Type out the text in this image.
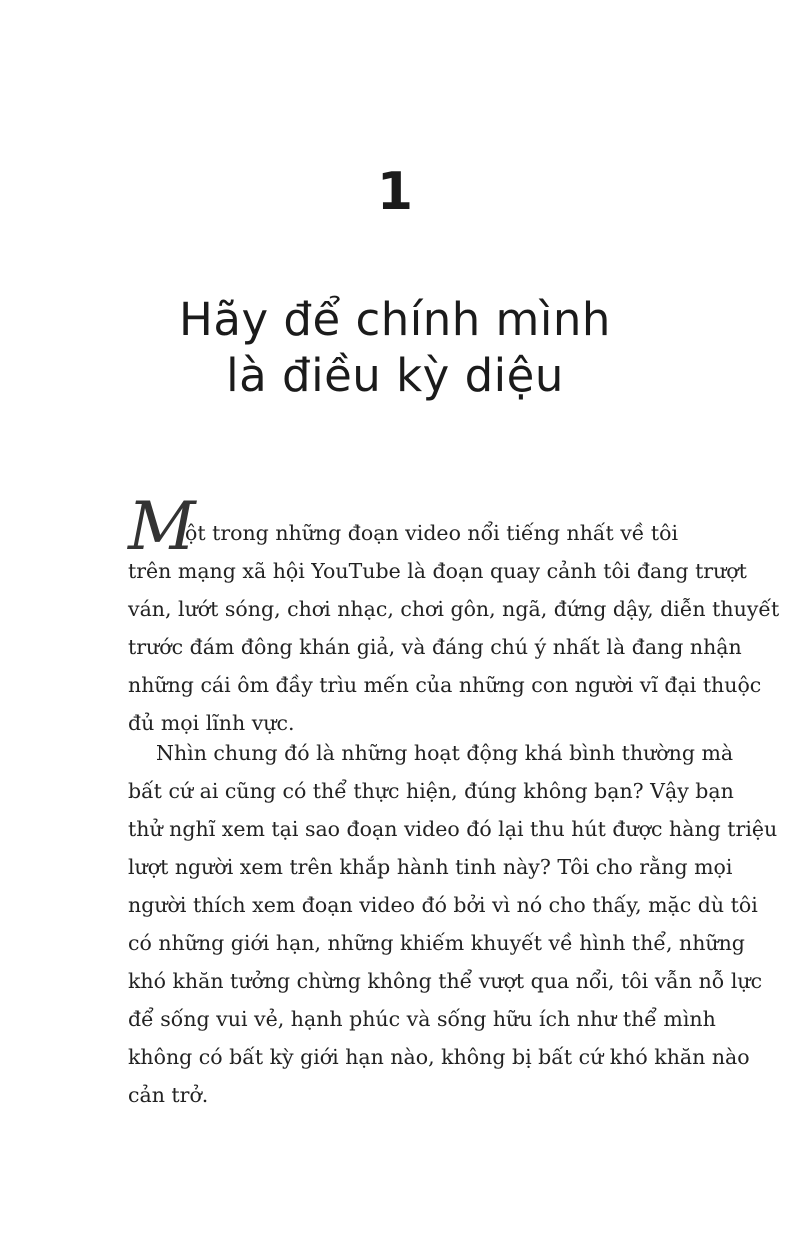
1
Hãy để chính mình
là điều kỳ diệu
M
ột trong những đoạn video nổi tiếng nhất về tôi
trên mạng xã hội YouTube là đoạn quay cảnh tôi đang trượt
ván, lướt sóng, chơi nhạc, chơi gôn, ngã, đứng dậy, diễn thuyết
trước đám đông khán giả, và đáng chú ý nhất là đang nhận
những cái ôm đầy trìu mến của những con người vĩ đại thuộc
đủ mọi lĩnh vực.
Nhìn chung đó là những hoạt động khá bình thường mà
bất cứ ai cũng có thể thực hiện, đúng không bạn? Vậy bạn
thử nghĩ xem tại sao đoạn video đó lại thu hút được hàng triệu
lượt người xem trên khắp hành tinh này? Tôi cho rằng mọi
người thích xem đoạn video đó bởi vì nó cho thấy, mặc dù tôi
có những giới hạn, những khiếm khuyết về hình thể, những
khó khăn tưởng chừng không thể vượt qua nổi, tôi vẫn nỗ lực
để sống vui vẻ, hạnh phúc và sống hữu ích như thể mình
không có bất kỳ giới hạn nào, không bị bất cứ khó khăn nào
cản trở.
